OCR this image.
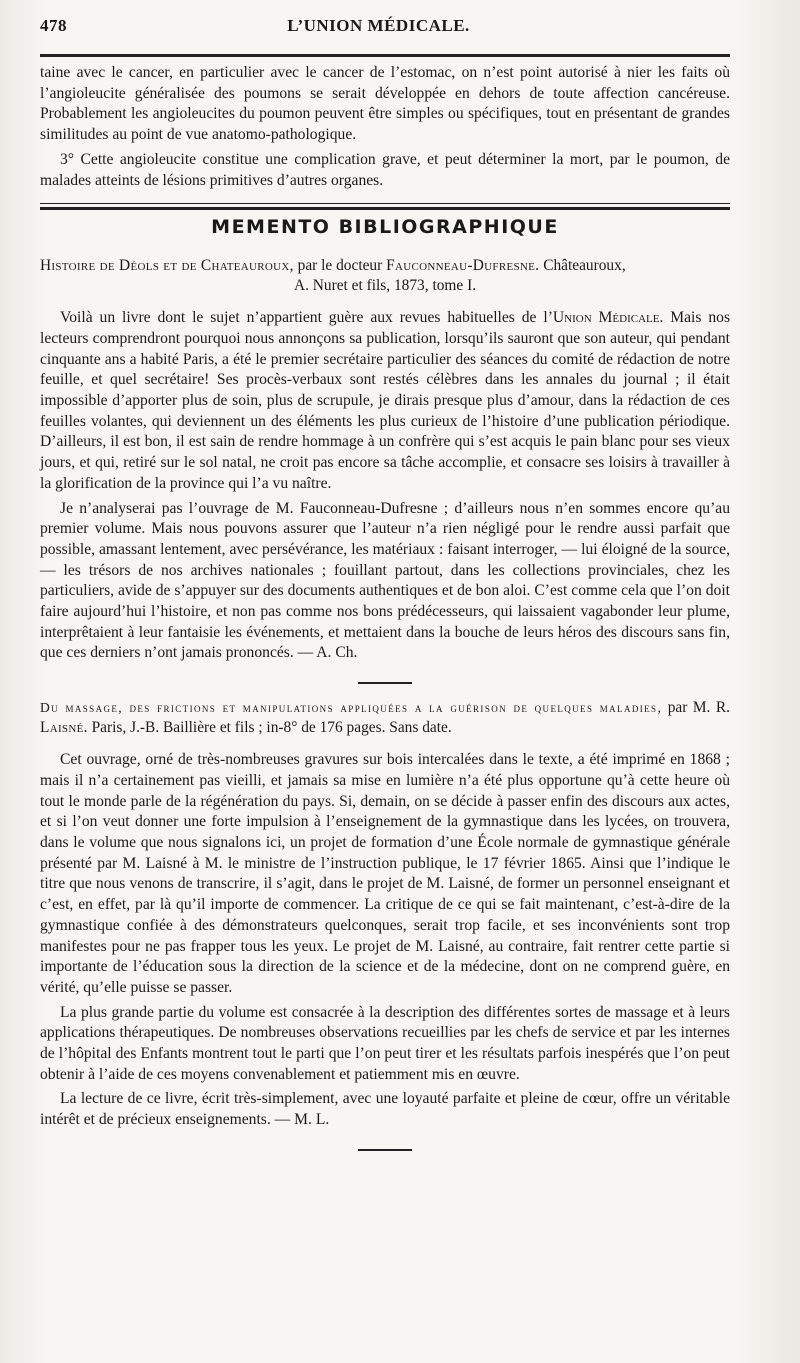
478	L’UNION MÉDICALE.

taine avec le cancer, en particulier avec le cancer de l’estomac, on n’est point autorisé à nier les faits où l’angioleucite généralisée des poumons se serait développée en dehors de toute affection cancéreuse. Probablement les angioleucites du poumon peuvent être simples ou spécifiques, tout en présentant de grandes similitudes au point de vue anatomo-pathologique.

3° Cette angioleucite constitue une complication grave, et peut déterminer la mort, par le poumon, de malades atteints de lésions primitives d’autres organes.

MEMENTO BIBLIOGRAPHIQUE
Histoire de Déols et de Chateauroux, par le docteur Fauconneau-Dufresne. Châteauroux,
A. Nuret et fils, 1873, tome I.

Voilà un livre dont le sujet n’appartient guère aux revues habituelles de l’Union Médicale. Mais nos lecteurs comprendront pourquoi nous annonçons sa publication, lorsqu’ils sauront que son auteur, qui pendant cinquante ans a habité Paris, a été le premier secrétaire particulier des séances du comité de rédaction de notre feuille, et quel secrétaire! Ses procès-verbaux sont restés célèbres dans les annales du journal ; il était impossible d’apporter plus de soin, plus de scrupule, je dirais presque plus d’amour, dans la rédaction de ces feuilles volantes, qui deviennent un des éléments les plus curieux de l’histoire d’une publication périodique. D’ailleurs, il est bon, il est sain de rendre hommage à un confrère qui s’est acquis le pain blanc pour ses vieux jours, et qui, retiré sur le sol natal, ne croit pas encore sa tâche accomplie, et consacre ses loisirs à travailler à la glorification de la province qui l’a vu naître.

Je n’analyserai pas l’ouvrage de M. Fauconneau-Dufresne ; d’ailleurs nous n’en sommes encore qu’au premier volume. Mais nous pouvons assurer que l’auteur n’a rien négligé pour le rendre aussi parfait que possible, amassant lentement, avec persévérance, les matériaux : faisant interroger, — lui éloigné de la source, — les trésors de nos archives nationales ; fouillant partout, dans les collections provinciales, chez les particuliers, avide de s’appuyer sur des documents authentiques et de bon aloi. C’est comme cela que l’on doit faire aujourd’hui l’histoire, et non pas comme nos bons prédécesseurs, qui laissaient vagabonder leur plume, interprêtaient à leur fantaisie les événements, et mettaient dans la bouche de leurs héros des discours sans fin, que ces derniers n’ont jamais prononcés. — A. Ch.

Du massage, des frictions et manipulations appliquées a la guérison de quelques maladies, par M. R. Laisné. Paris, J.-B. Baillière et fils ; in-8° de 176 pages. Sans date.

Cet ouvrage, orné de très-nombreuses gravures sur bois intercalées dans le texte, a été imprimé en 1868 ; mais il n’a certainement pas vieilli, et jamais sa mise en lumière n’a été plus opportune qu’à cette heure où tout le monde parle de la régénération du pays. Si, demain, on se décide à passer enfin des discours aux actes, et si l’on veut donner une forte impulsion à l’enseignement de la gymnastique dans les lycées, on trouvera, dans le volume que nous signalons ici, un projet de formation d’une École normale de gymnastique générale présenté par M. Laisné à M. le ministre de l’instruction publique, le 17 février 1865. Ainsi que l’indique le titre que nous venons de transcrire, il s’agit, dans le projet de M. Laisné, de former un personnel enseignant et c’est, en effet, par là qu’il importe de commencer. La critique de ce qui se fait maintenant, c’est-à-dire de la gymnastique confiée à des démonstrateurs quelconques, serait trop facile, et ses inconvénients sont trop manifestes pour ne pas frapper tous les yeux. Le projet de M. Laisné, au contraire, fait rentrer cette partie si importante de l’éducation sous la direction de la science et de la médecine, dont on ne comprend guère, en vérité, qu’elle puisse se passer.

La plus grande partie du volume est consacrée à la description des différentes sortes de massage et à leurs applications thérapeutiques. De nombreuses observations recueillies par les chefs de service et par les internes de l’hôpital des Enfants montrent tout le parti que l’on peut tirer et les résultats parfois inespérés que l’on peut obtenir à l’aide de ces moyens convenablement et patiemment mis en œuvre.

La lecture de ce livre, écrit très-simplement, avec une loyauté parfaite et pleine de cœur, offre un véritable intérêt et de précieux enseignements. — M. L.
